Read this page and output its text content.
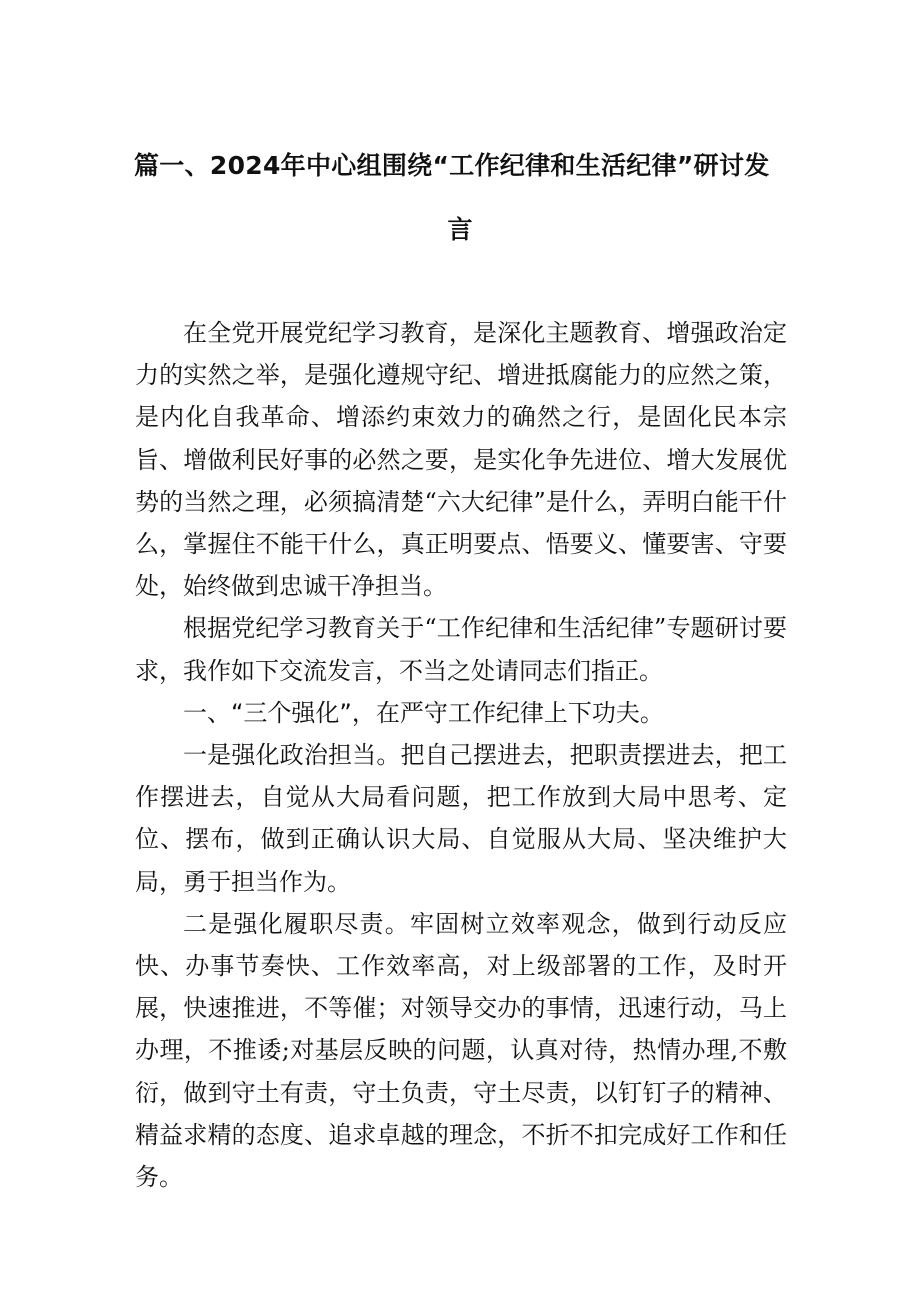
篇一、2024年中心组围绕“工作纪律和生活纪律”研讨发
言

在全党开展党纪学习教育，是深化主题教育、增强政治定力的实然之举，是强化遵规守纪、增进抵腐能力的应然之策，是内化自我革命、增添约束效力的确然之行，是固化民本宗旨、增做利民好事的必然之要，是实化争先进位、增大发展优势的当然之理，必须搞清楚“六大纪律”是什么，弄明白能干什么，掌握住不能干什么，真正明要点、悟要义、懂要害、守要处，始终做到忠诚干净担当。

根据党纪学习教育关于“工作纪律和生活纪律”专题研讨要求，我作如下交流发言，不当之处请同志们指正。

一、“三个强化”，在严守工作纪律上下功夫。

一是强化政治担当。把自己摆进去，把职责摆进去，把工作摆进去，自觉从大局看问题，把工作放到大局中思考、定位、摆布，做到正确认识大局、自觉服从大局、坚决维护大局，勇于担当作为。

二是强化履职尽责。牢固树立效率观念，做到行动反应快、办事节奏快、工作效率高，对上级部署的工作，及时开展，快速推进，不等催；对领导交办的事情，迅速行动，马上办理，不推诿;对基层反映的问题，认真对待，热情办理,不敷衍，做到守土有责，守土负责，守土尽责，以钉钉子的精神、精益求精的态度、追求卓越的理念，不折不扣完成好工作和任务。
